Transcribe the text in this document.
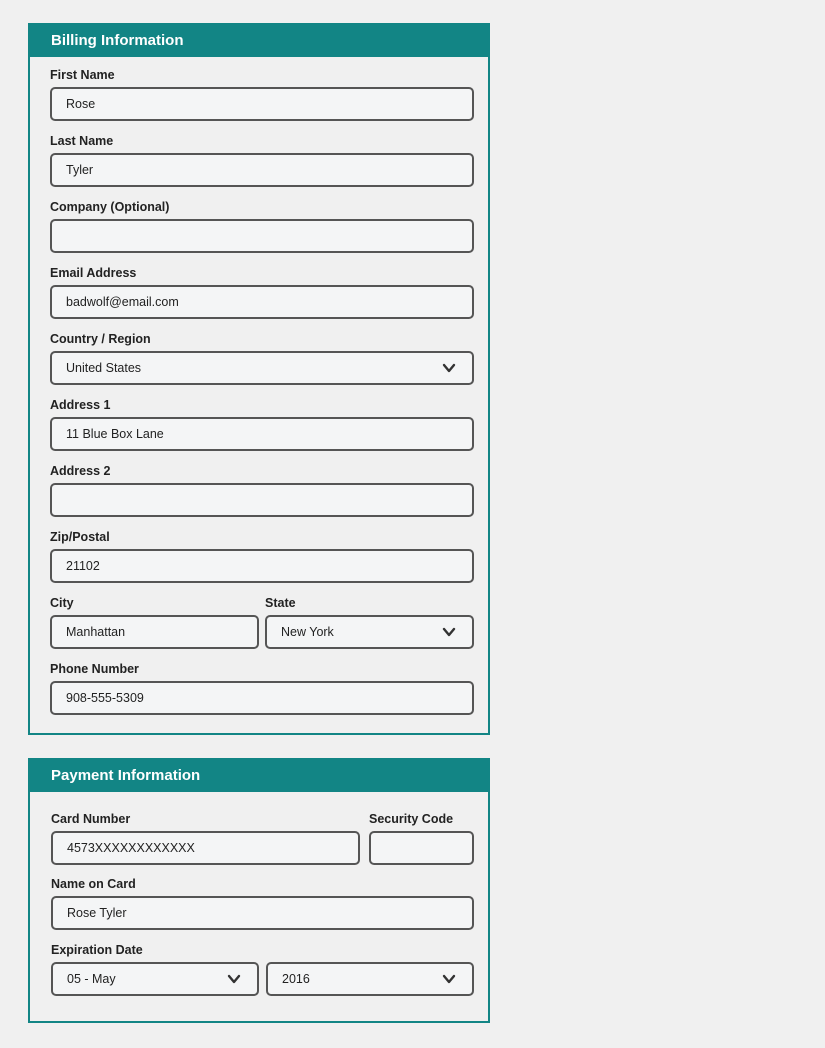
Billing Information
First Name
Rose
Last Name
Tyler
Company (Optional)
Email Address
badwolf@email.com
Country / Region
United States
Address 1
11 Blue Box Lane
Address 2
Zip/Postal
21102
City
Manhattan
State
New York
Phone Number
908-555-5309
Payment Information
Card Number
4573XXXXXXXXXXXX
Security Code
Name on Card
Rose Tyler
Expiration Date
05 - May	2016
